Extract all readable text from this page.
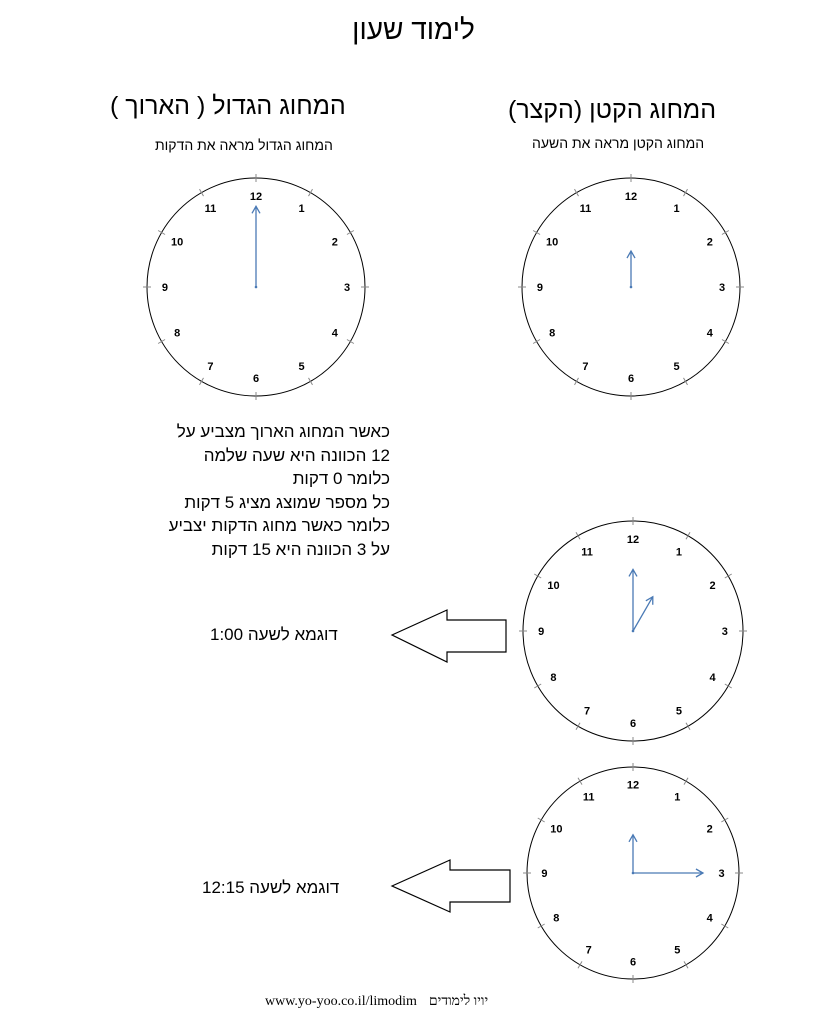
לימוד שעון
המחוג הגדול ( הארוך )
המחוג הגדול מראה את הדקות
המחוג הקטן (הקצר)
המחוג הקטן מראה את השעה
כאשר המחוג הארוך מצביע על
12 הכוונה היא שעה שלמה
כלומר 0 דקות
כל מספר שמוצג מציג 5 דקות
כלומר כאשר מחוג הדקות יצביע
על 3 הכוונה היא 15 דקות
דוגמא לשעה 1:00
דוגמא לשעה 12:15
12
1
2
3
4
5
6
7
8
9
10
11
12
1
2
3
4
5
6
7
8
9
10
11
12
1
2
3
4
5
6
7
8
9
10
11
12
1
2
3
4
5
6
7
8
9
10
11
www.yo-yoo.co.il/limodim יויו לימודים
